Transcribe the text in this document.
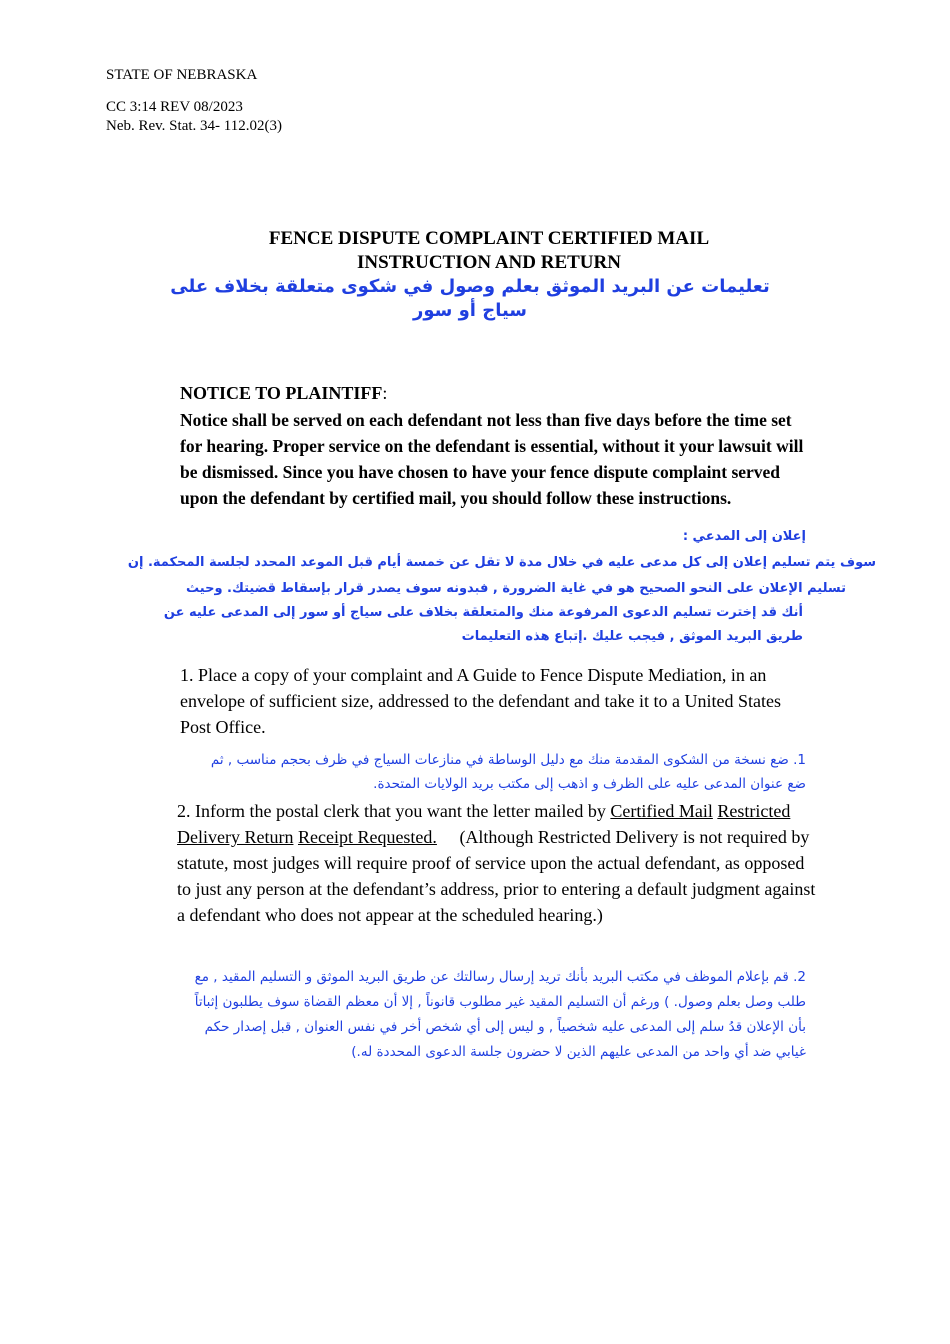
STATE OF NEBRASKA
CC 3:14 REV 08/2023
Neb. Rev. Stat. 34- 112.02(3)
FENCE DISPUTE COMPLAINT CERTIFIED MAIL
INSTRUCTION AND RETURN
تعليمات عن البريد الموثق بعلم وصول في شكوى متعلقة بخلاف على سياج أو سور
NOTICE TO PLAINTIFF:
Notice shall be served on each defendant not less than five days before the time set for hearing. Proper service on the defendant is essential, without it your lawsuit will be dismissed. Since you have chosen to have your fence dispute complaint served upon the defendant by certified mail, you should follow these instructions.
إعلان إلى المدعي :
سوف يتم تسليم إعلان إلى كل مدعى عليه في خلال مدة لا تقل عن خمسة أيام قبل الموعد المحدد لجلسة المحكمة. إن
تسليم الإعلان على النحو الصحيح هو في غاية الضرورة , فبدونه سوف يصدر قرار بإسقاط قضيتك. وحيث
أنك قد إخترت تسليم الدعوى المرفوعة منك والمتعلقة بخلاف على سياج أو سور إلى المدعى عليه عن
طريق البريد الموثق , فيجب عليك .إتباع هذه التعليمات
1. Place a copy of your complaint and A Guide to Fence Dispute Mediation, in an envelope of sufficient size, addressed to the defendant and take it to a United States Post Office.
1. ضع نسخة من الشكوى المقدمة منك مع دليل الوساطة في منازعات السياج في ظرف بحجم مناسب , ثم
ضع عنوان المدعى عليه على الظرف و اذهب إلى مكتب بريد الولايات المتحدة.
2. Inform the postal clerk that you want the letter mailed by Certified Mail Restricted Delivery Return Receipt Requested.     (Although Restricted Delivery is not required by statute, most judges will require proof of service upon the actual defendant, as opposed to just any person at the defendant’s address, prior to entering a default judgment against a defendant who does not appear at the scheduled hearing.)
2. قم بإعلام الموظف في مكتب البريد بأنك تريد إرسال رسالتك عن طريق البريد الموثق و التسليم المقيد , مع
طلب وصل بعلم وصول. ) ورغم أن التسليم المقيد غير مطلوب قانوناً , إلا أن معظم القضاة سوف يطلبون إثباتاً
بأن الإعلان قدُ سلم إلى المدعى عليه شخصياً , و ليس إلى أي شخص أخر في نفس العنوان , قبل إصدار حكم
غيابي ضد أي واحد من المدعى عليهم الذين لا حضرون جلسة الدعوى المحددة له.)
